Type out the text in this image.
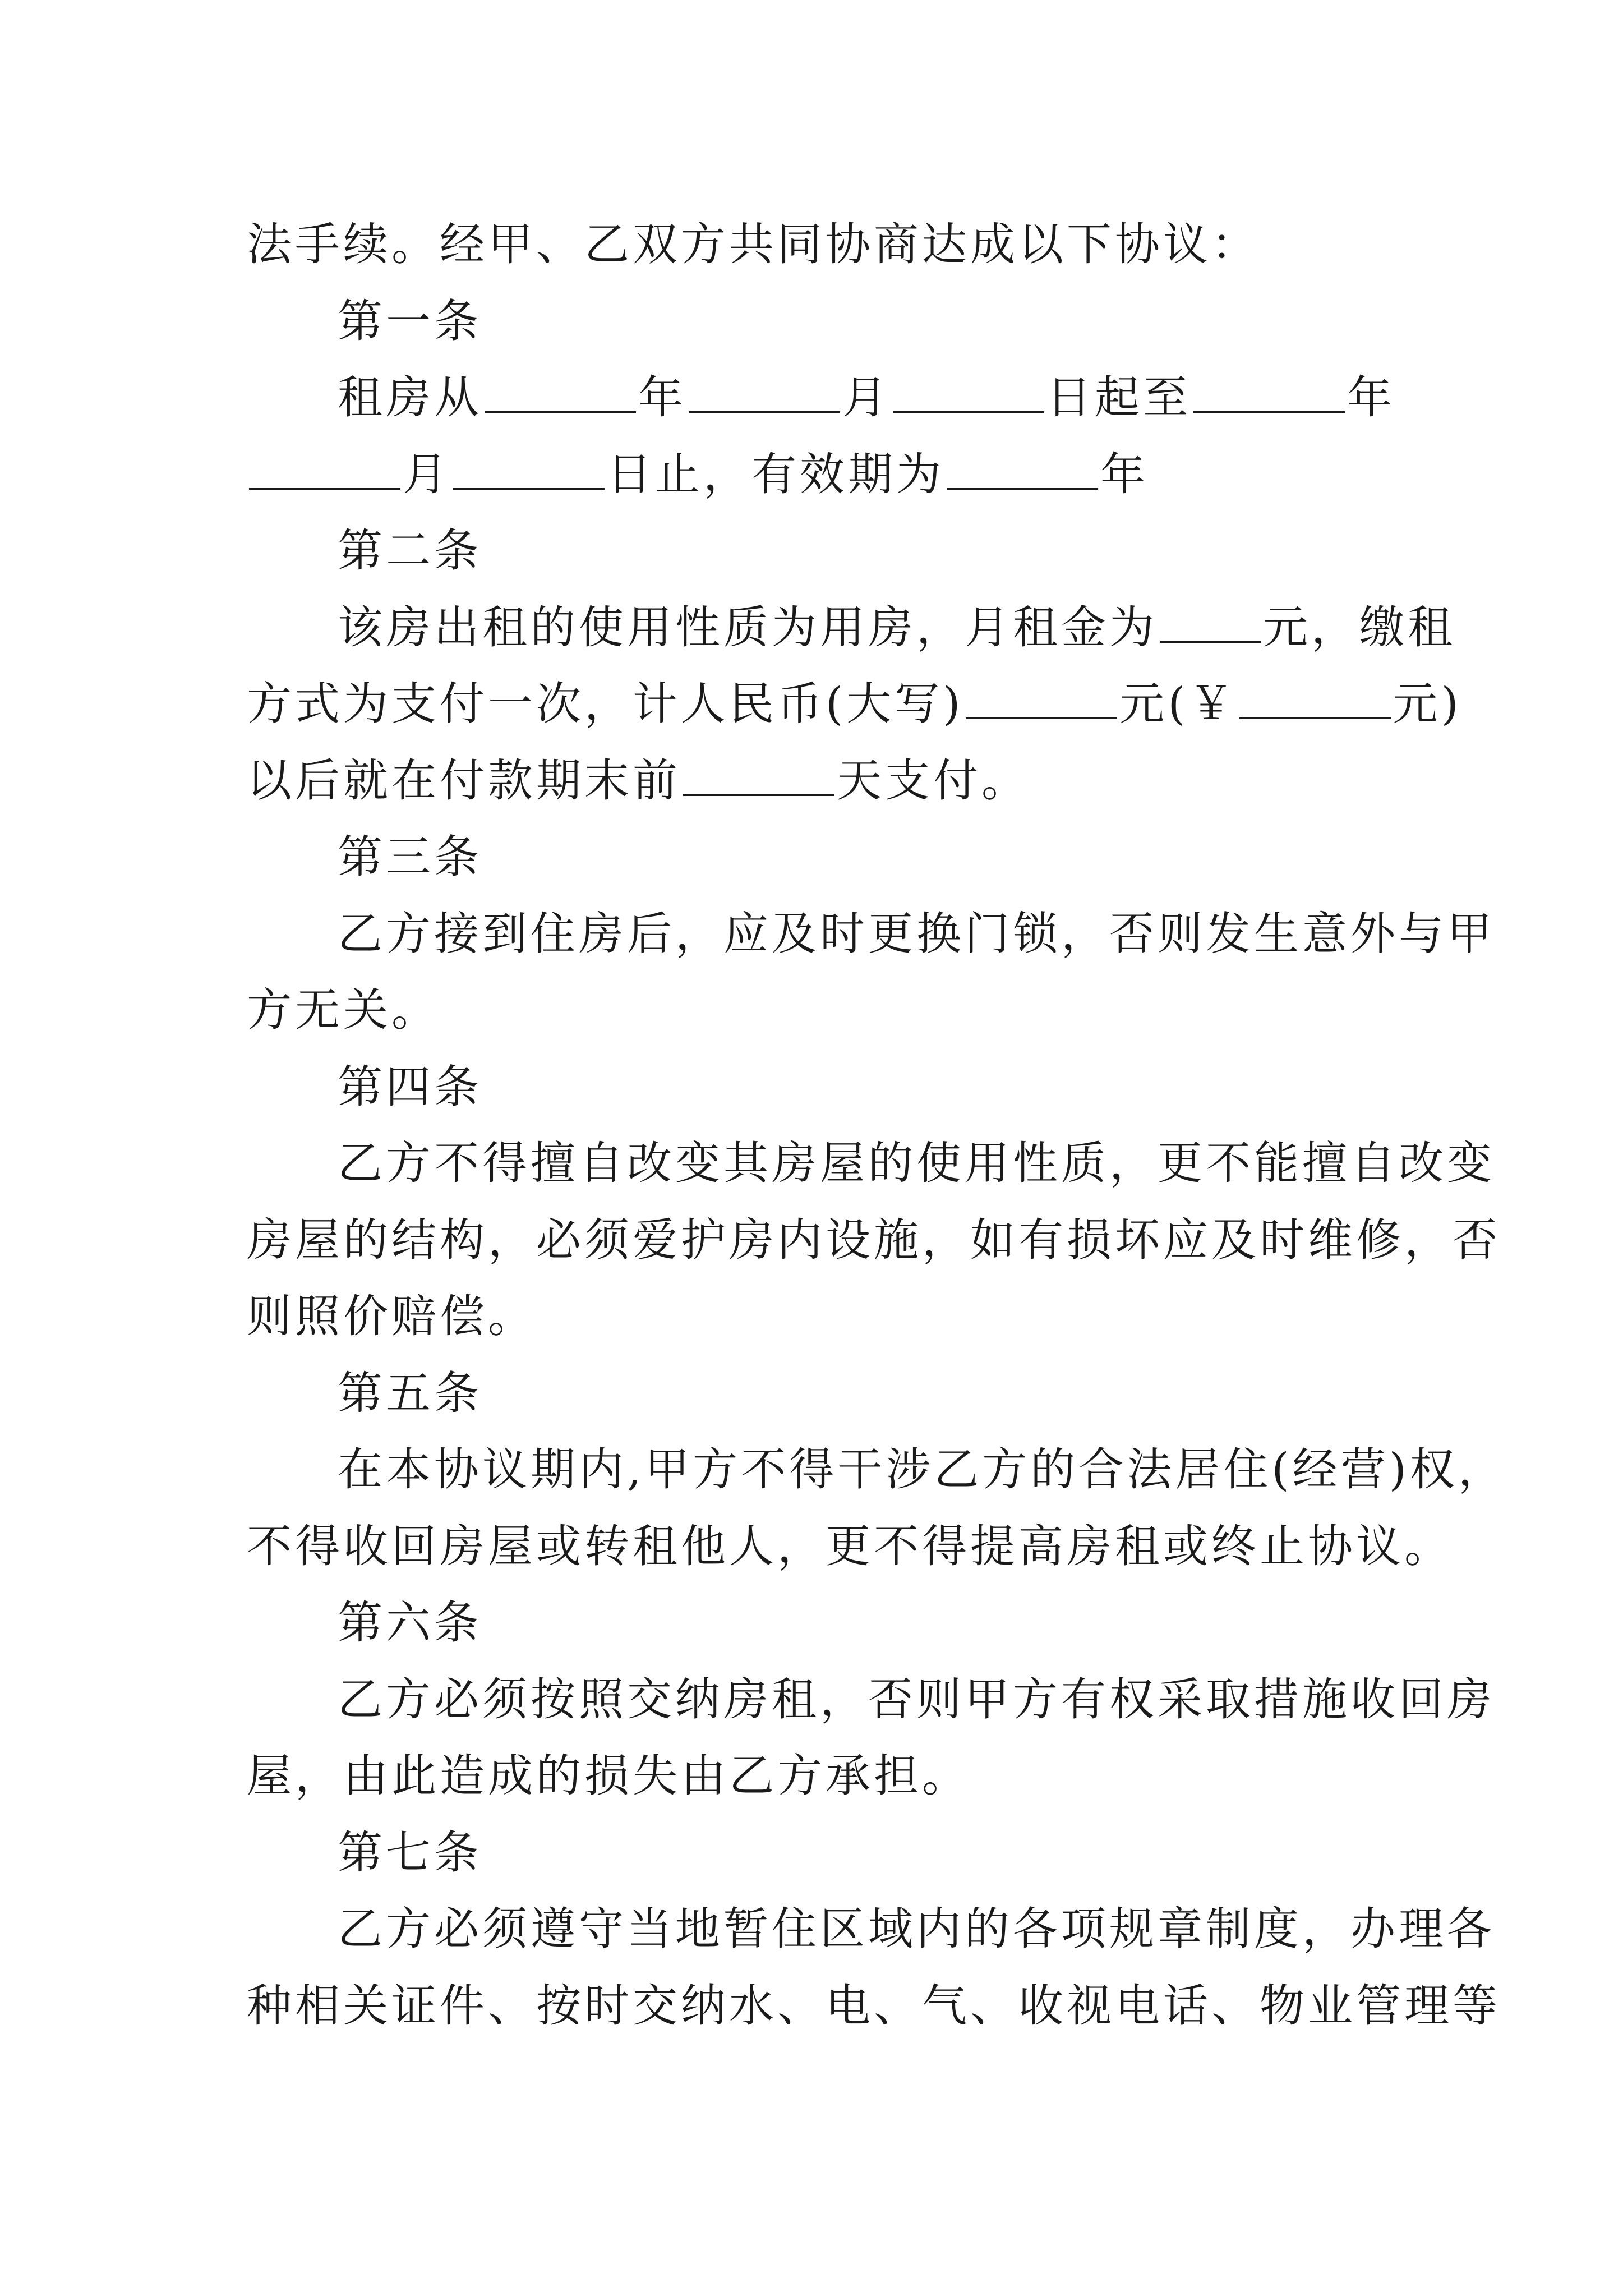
法手续。经甲、乙双方共同协商达成以下协议：
第一条
租房从	年	月	日起至	年
月	日止，有效期为	年
第二条
该房出租的使用性质为用房，月租金为 元，缴租
方式为支付一次，计人民币(大写)	元(￥	元)
以后就在付款期末前	天支付。
第三条
乙方接到住房后，应及时更换门锁，否则发生意外与甲
方无关。
第四条
乙方不得擅自改变其房屋的使用性质，更不能擅自改变
房屋的结构，必须爱护房内设施，如有损坏应及时维修，否
则照价赔偿。
第五条
在本协议期内,甲方不得干涉乙方的合法居住(经营)权，
不得收回房屋或转租他人，更不得提高房租或终止协议。
第六条
乙方必须按照交纳房租，否则甲方有权采取措施收回房
屋，由此造成的损失由乙方承担。
第七条
乙方必须遵守当地暂住区域内的各项规章制度，办理各
种相关证件、按时交纳水、电、气、收视电话、物业管理等
